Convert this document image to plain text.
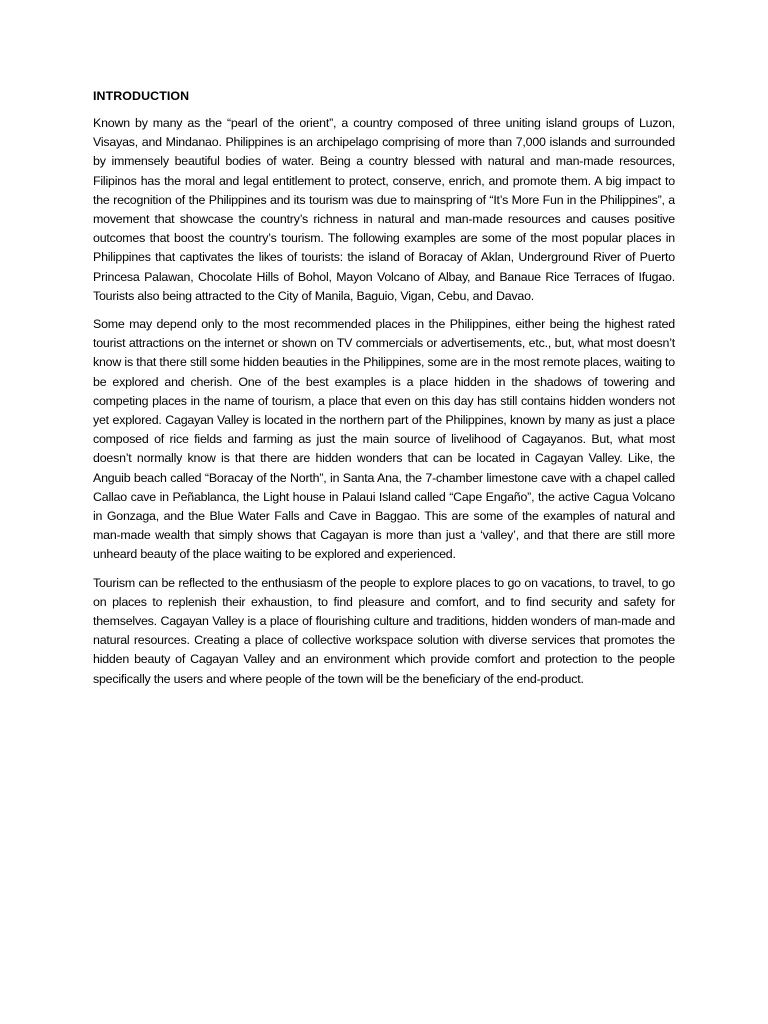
INTRODUCTION

Known by many as the “pearl of the orient”, a country composed of three uniting island groups of Luzon, Visayas, and Mindanao. Philippines is an archipelago comprising of more than 7,000 islands and surrounded by immensely beautiful bodies of water. Being a country blessed with natural and man-made resources, Filipinos has the moral and legal entitlement to protect, conserve, enrich, and promote them. A big impact to the recognition of the Philippines and its tourism was due to mainspring of “It’s More Fun in the Philippines”, a movement that showcase the country’s richness in natural and man-made resources and causes positive outcomes that boost the country’s tourism. The following examples are some of the most popular places in Philippines that captivates the likes of tourists: the island of Boracay of Aklan, Underground River of Puerto Princesa Palawan, Chocolate Hills of Bohol, Mayon Volcano of Albay, and Banaue Rice Terraces of Ifugao. Tourists also being attracted to the City of Manila, Baguio, Vigan, Cebu, and Davao.

Some may depend only to the most recommended places in the Philippines, either being the highest rated tourist attractions on the internet or shown on TV commercials or advertisements, etc., but, what most doesn’t know is that there still some hidden beauties in the Philippines, some are in the most remote places, waiting to be explored and cherish. One of the best examples is a place hidden in the shadows of towering and competing places in the name of tourism, a place that even on this day has still contains hidden wonders not yet explored. Cagayan Valley is located in the northern part of the Philippines, known by many as just a place composed of rice fields and farming as just the main source of livelihood of Cagayanos. But, what most doesn’t normally know is that there are hidden wonders that can be located in Cagayan Valley. Like, the Anguib beach called “Boracay of the North”, in Santa Ana, the 7-chamber limestone cave with a chapel called Callao cave in Peñablanca, the Light house in Palaui Island called “Cape Engaño”, the active Cagua Volcano in Gonzaga, and the Blue Water Falls and Cave in Baggao. This are some of the examples of natural and man-made wealth that simply shows that Cagayan is more than just a ‘valley’, and that there are still more unheard beauty of the place waiting to be explored and experienced.

Tourism can be reflected to the enthusiasm of the people to explore places to go on vacations, to travel, to go on places to replenish their exhaustion, to find pleasure and comfort, and to find security and safety for themselves. Cagayan Valley is a place of flourishing culture and traditions, hidden wonders of man-made and natural resources. Creating a place of collective workspace solution with diverse services that promotes the hidden beauty of Cagayan Valley and an environment which provide comfort and protection to the people specifically the users and where people of the town will be the beneficiary of the end-product.
